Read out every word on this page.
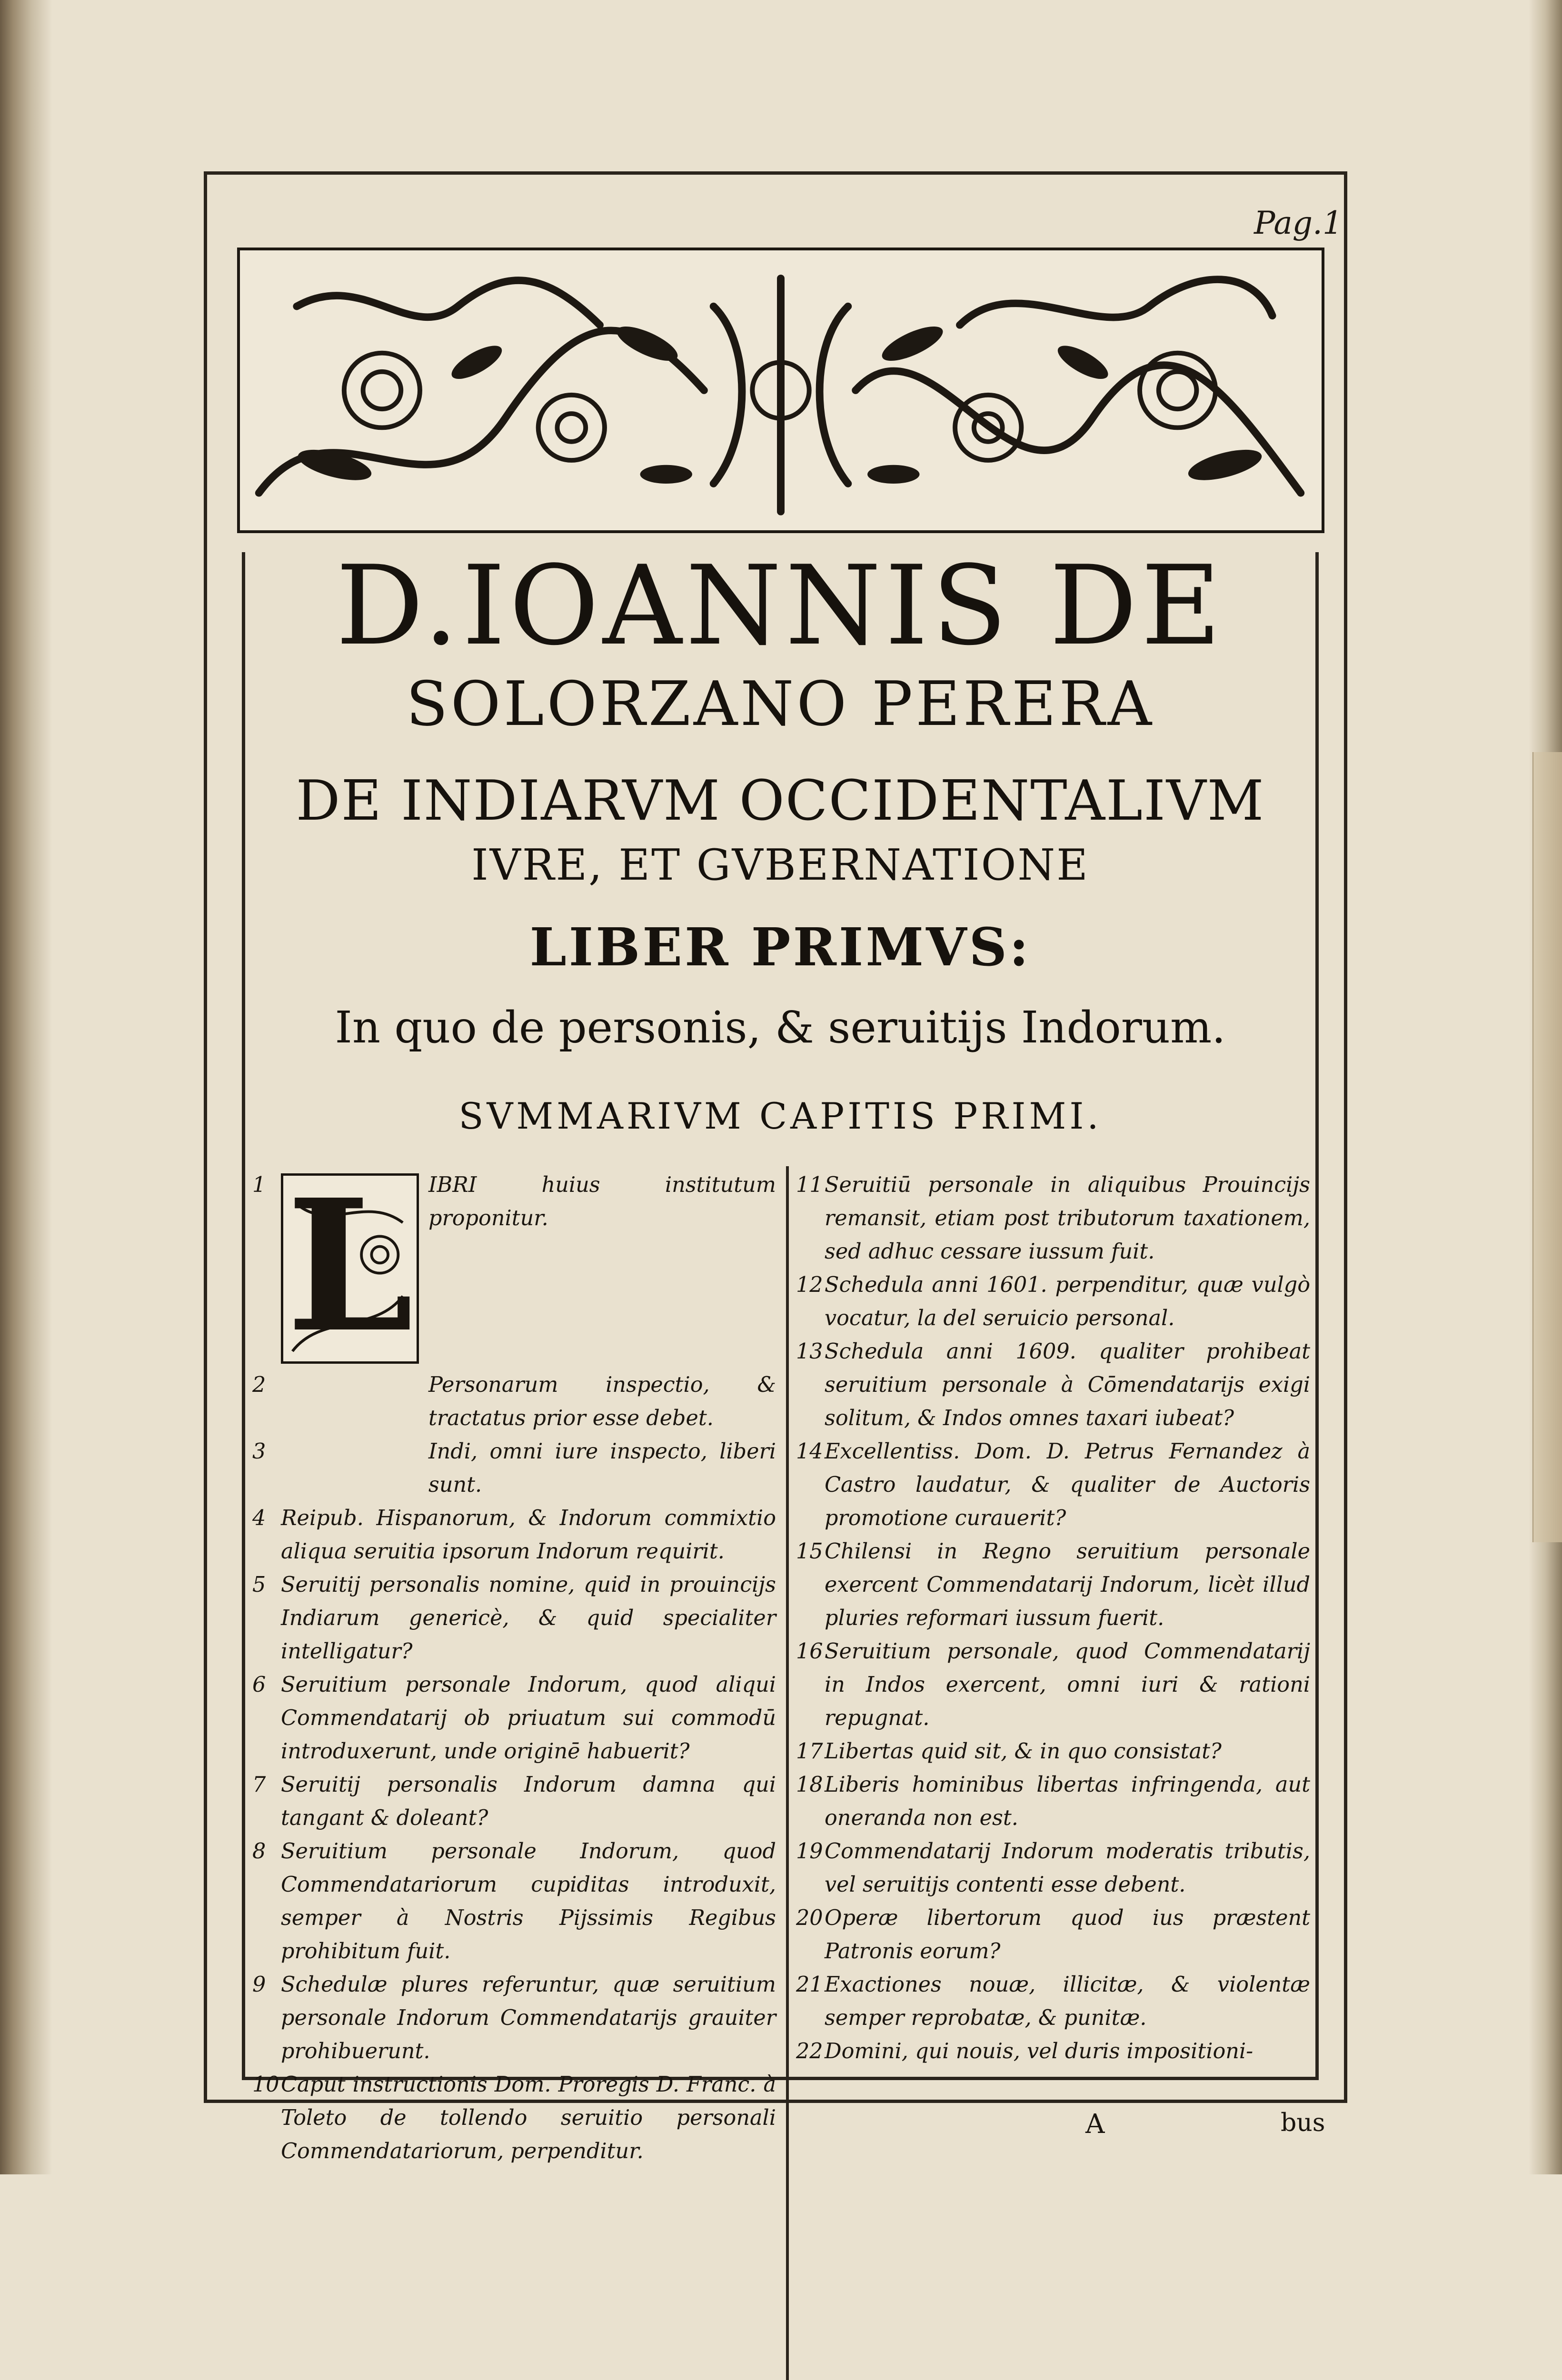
Pag.1
D.IOANNIS DE
SOLORZANO PERERA
DE INDIARVM OCCIDENTALIVM
IVRE, ET GVBERNATIONE
LIBER PRIMVS:
In quo de personis, & seruitijs Indorum.
SVMMARIVM CAPITIS PRIMI.
1 L IBRI huius institutum proponitur.
2	Personarum inspectio, & tractatus prior esse debet.
3	Indi, omni iure inspecto, liberi sunt.
4 Reipub. Hispanorum, & Indorum commixtio aliqua seruitia ipsorum Indorum requirit.
5 Seruitij personalis nomine, quid in prouincijs Indiarum genericè, & quid specialiter intelligatur?
6 Seruitium personale Indorum, quod aliqui Commendatarij ob priuatum sui commodū introduxerunt, unde originē habuerit?
7 Seruitij personalis Indorum damna qui tangant & doleant?
8 Seruitium personale Indorum, quod Commendatariorum cupiditas introduxit, semper à Nostris Pijssimis Regibus prohibitum fuit.
9 Schedulæ plures referuntur, quæ seruitium personale Indorum Commendatarijs grauiter prohibuerunt.
10 Caput instructionis Dom. Proregis D. Franc. à Toleto de tollendo seruitio personali Commendatariorum, perpenditur.
11 Seruitiū personale in aliquibus Prouincijs remansit, etiam post tributorum taxationem, sed adhuc cessare iussum fuit.
12 Schedula anni 1601. perpenditur, quæ vulgò vocatur, la del seruicio personal.
13 Schedula anni 1609. qualiter prohibeat seruitium personale à Cōmendatarijs exigi solitum, & Indos omnes taxari iubeat?
14 Excellentiss. Dom. D. Petrus Fernandez à Castro laudatur, & qualiter de Auctoris promotione curauerit?
15 Chilensi in Regno seruitium personale exercent Commendatarij Indorum, licèt illud pluries reformari iussum fuerit.
16 Seruitium personale, quod Commendatarij in Indos exercent, omni iuri & rationi repugnat.
17 Libertas quid sit, & in quo consistat?
18 Liberis hominibus libertas infringenda, aut oneranda non est.
19 Commendatarij Indorum moderatis tributis, vel seruitijs contenti esse debent.
20 Operæ libertorum quod ius præstent Patronis eorum?
21 Exactiones nouæ, illicitæ, & violentæ semper reprobatæ, & punitæ.
22 Domini, qui nouis, vel duris impositioni-
A	bus
